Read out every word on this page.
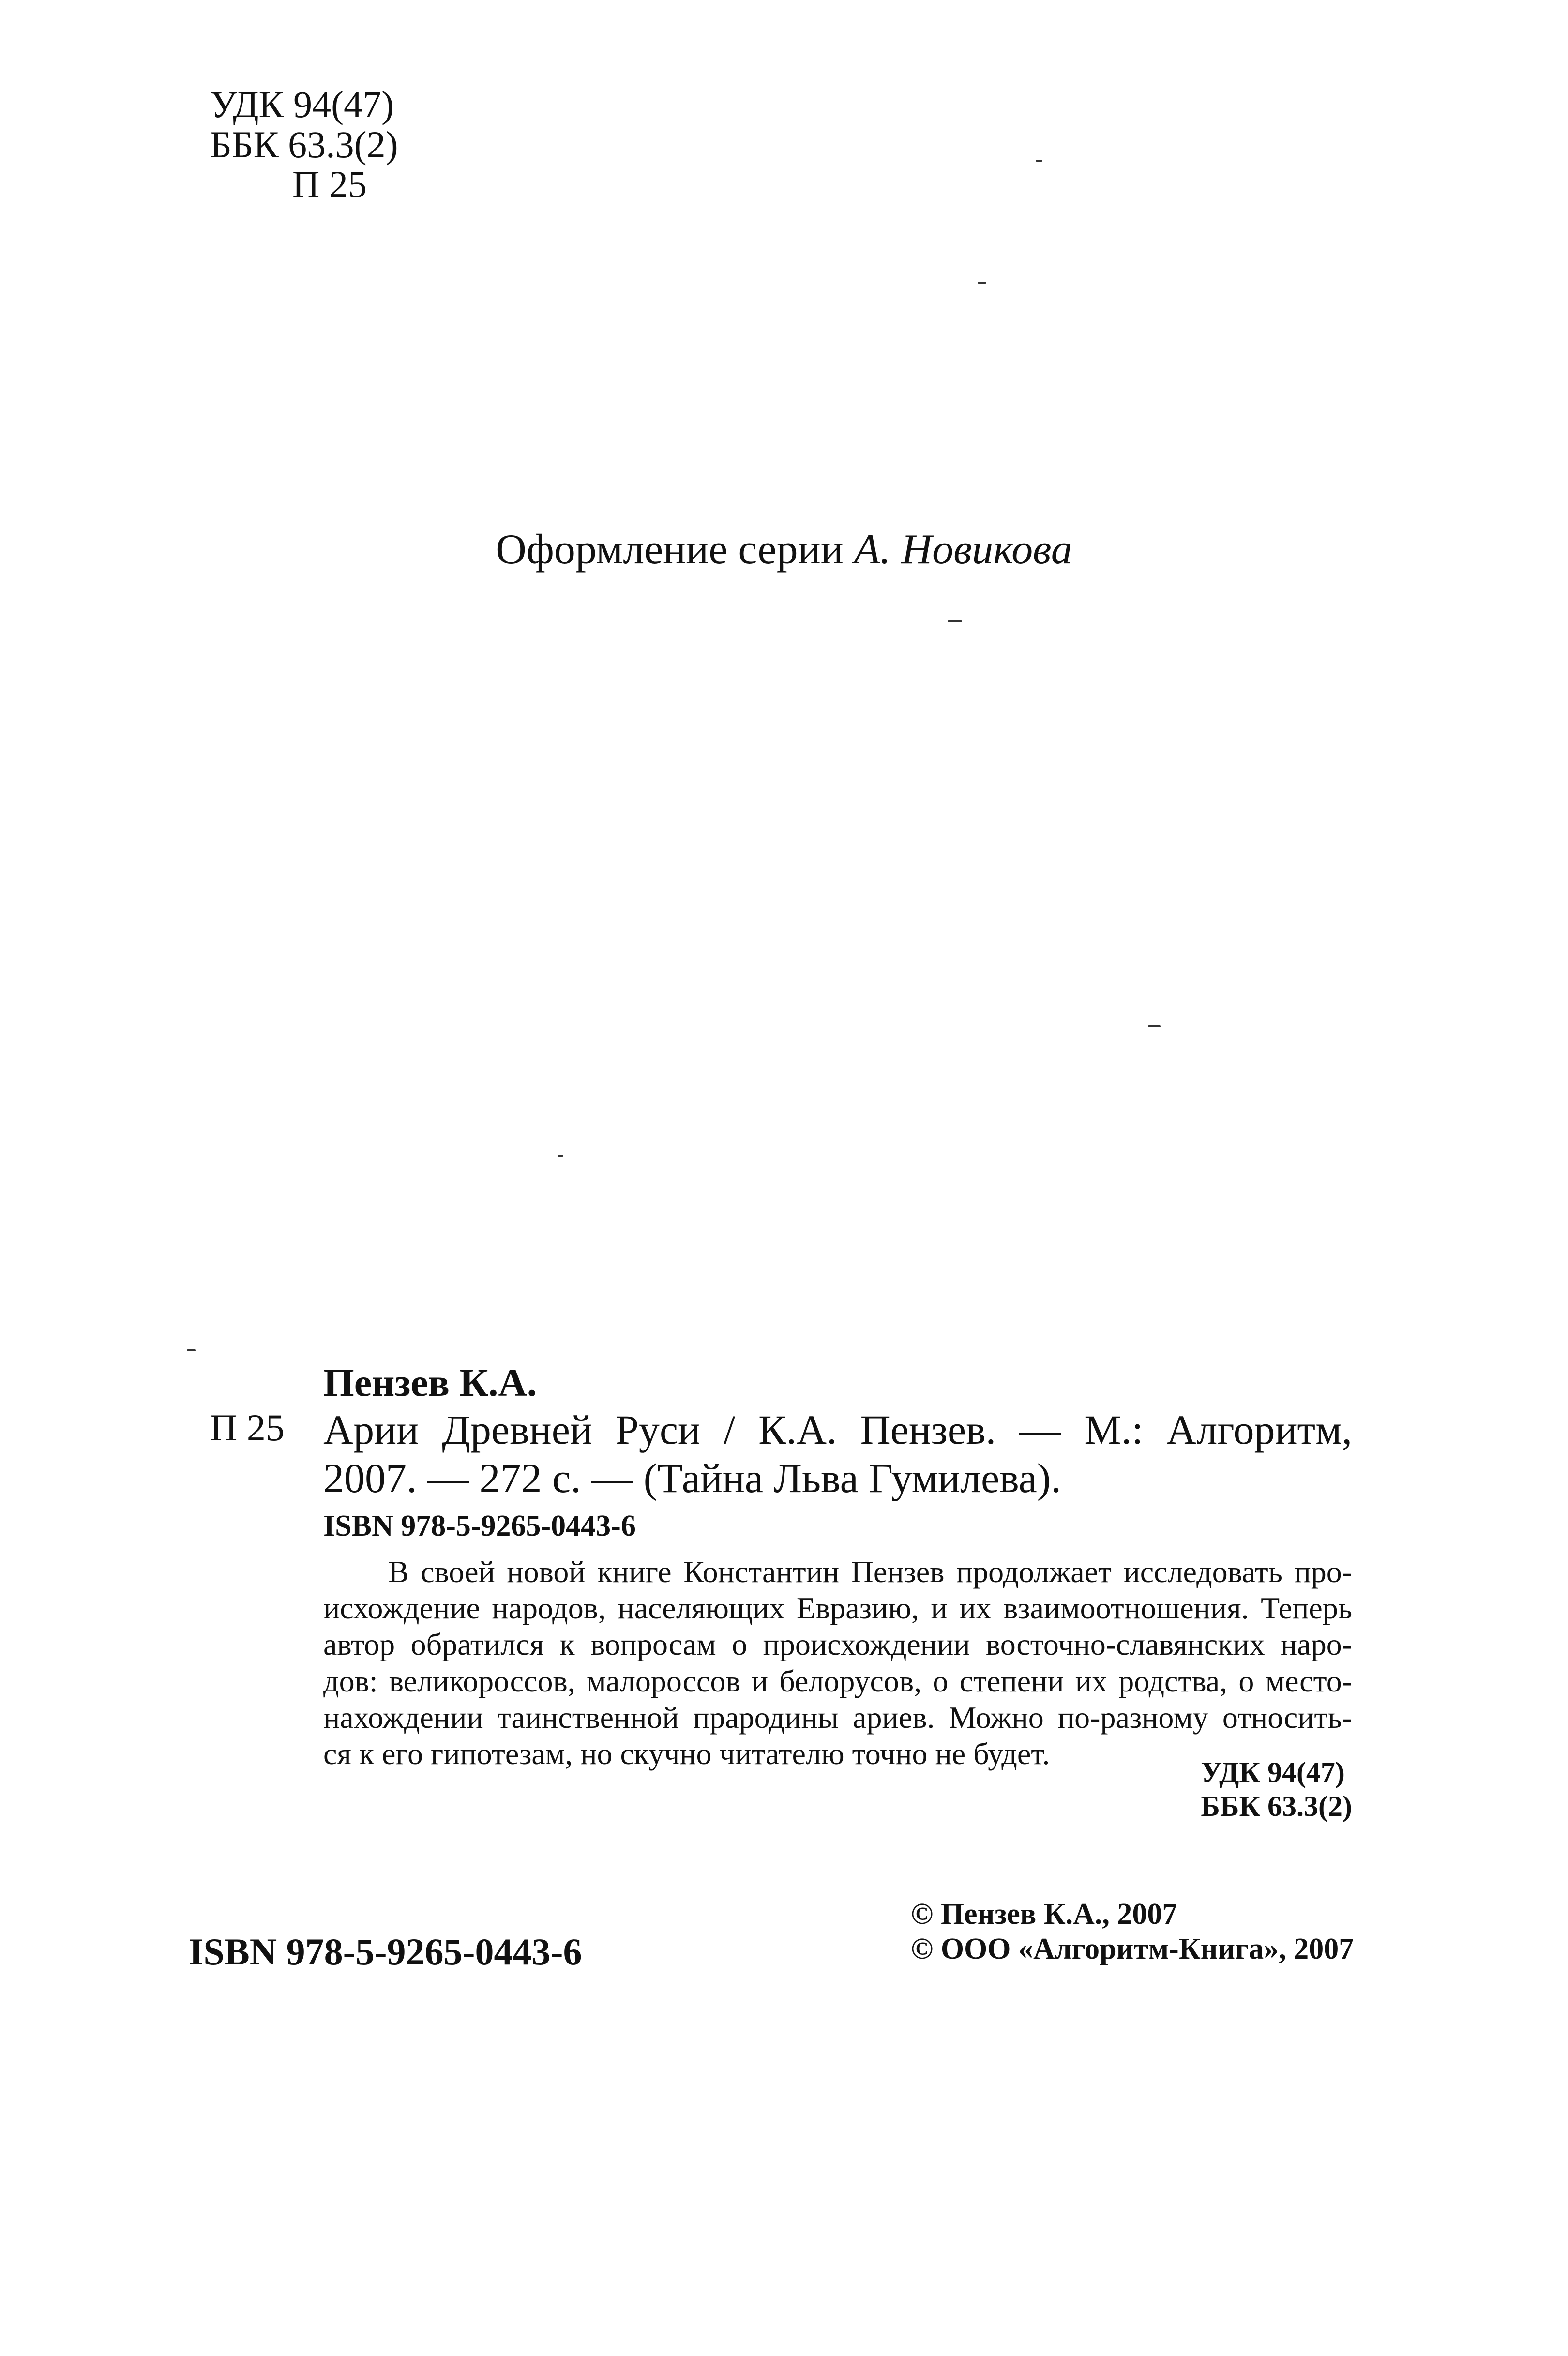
УДК 94(47)
ББК 63.3(2)
П 25
Оформление серии А. Новикова
Пензев К.А.
П 25 Арии Древней Руси / К.А. Пензев. — М.: Алгоритм,
2007. — 272 с. — (Тайна Льва Гумилева).
ISBN 978-5-9265-0443-6
В своей новой книге Константин Пензев продолжает исследовать про-
исхождение народов, населяющих Евразию, и их взаимоотношения. Теперь
автор обратился к вопросам о происхождении восточно-славянских наро-
дов: великороссов, малороссов и белорусов, о степени их родства, о место-
нахождении таинственной прародины ариев. Можно по-разному относить-
ся к его гипотезам, но скучно читателю точно не будет.
УДК 94(47)
ББК 63.3(2)
ISBN 978-5-9265-0443-6
© Пензев К.А., 2007
© ООО «Алгоритм-Книга», 2007
